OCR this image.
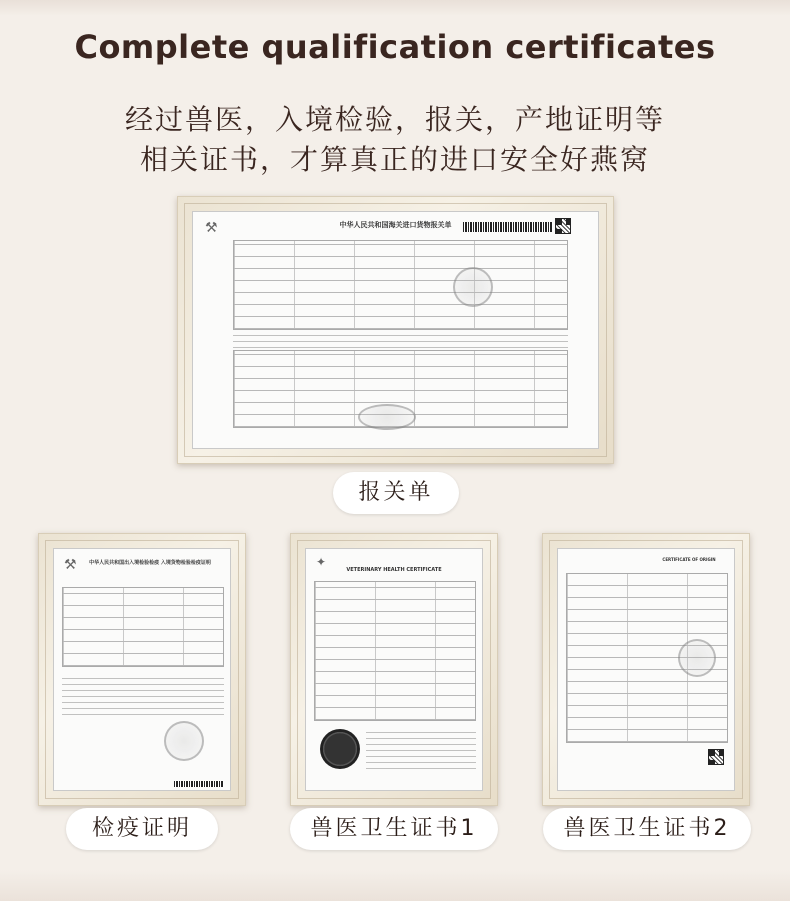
Complete qualification certificates
经过兽医，入境检验，报关，产地证明等
相关证书，才算真正的进口安全好燕窝
⚒	中华人民共和国海关进口货物报关单
报关单
⚒	中华人民共和国出入境检验检疫 入境货物检验检疫证明
检疫证明
✦
VETERINARY HEALTH CERTIFICATE
兽医卫生证书1
CERTIFICATE OF ORIGIN
兽医卫生证书2
